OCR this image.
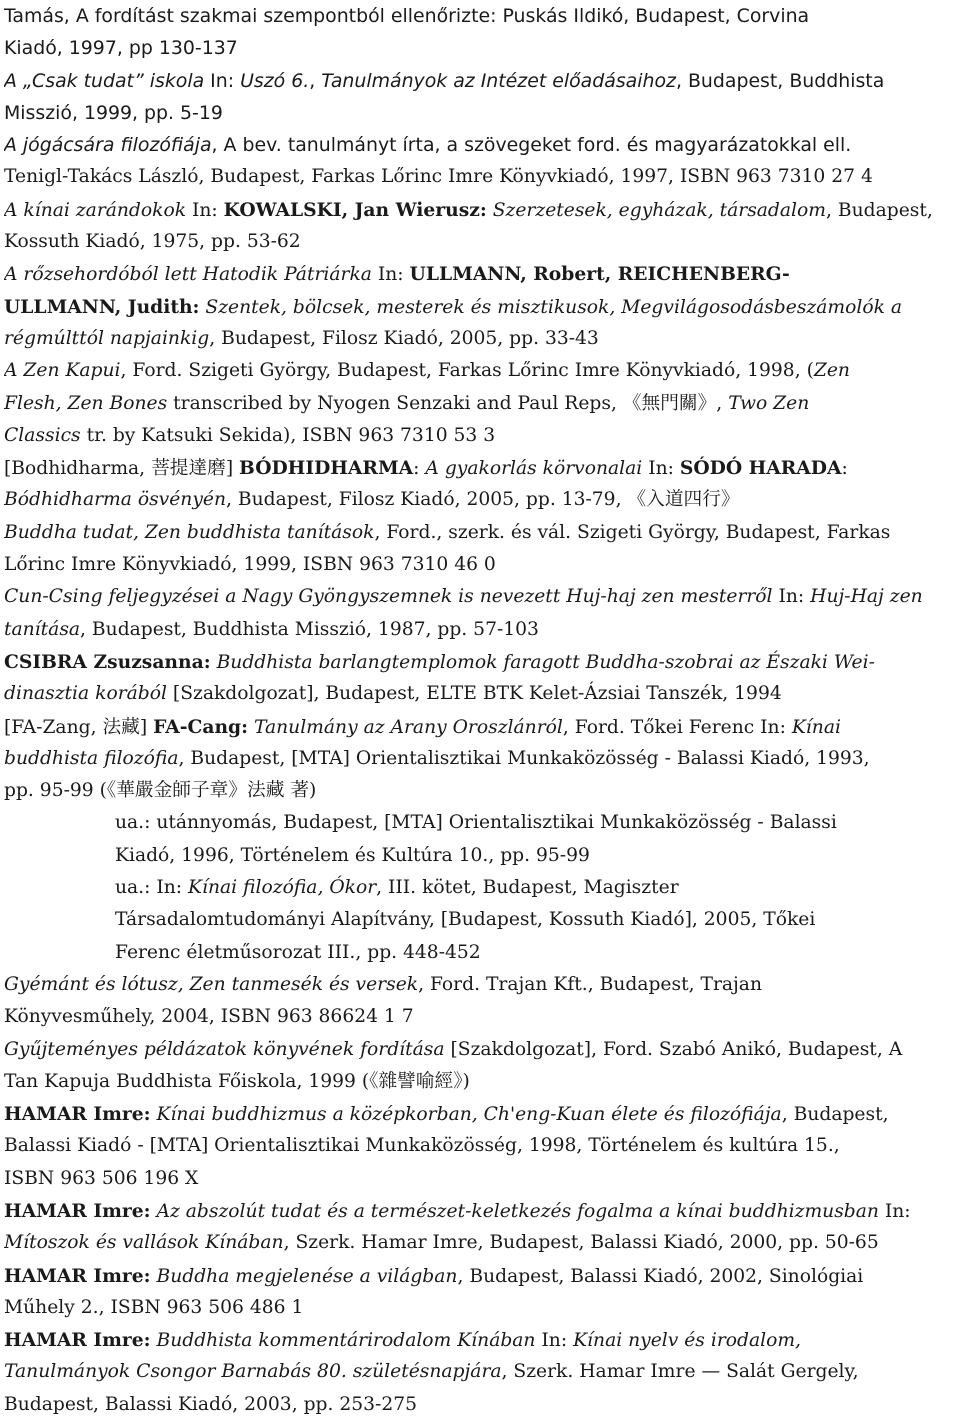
Tamás, A fordítást szakmai szempontból ellenőrizte: Puskás Ildikó, Budapest, Corvina
Kiadó, 1997, pp 130-137
A „Csak tudat” iskola In: Uszó 6., Tanulmányok az Intézet előadásaihoz, Budapest, Buddhista
Misszió, 1999, pp. 5-19
A jógácsára filozófiája, A bev. tanulmányt írta, a szövegeket ford. és magyarázatokkal ell.
Tenigl-Takács László, Budapest, Farkas Lőrinc Imre Könyvkiadó, 1997, ISBN 963 7310 27 4
A kínai zarándokok In: KOWALSKI, Jan Wierusz: Szerzetesek, egyházak, társadalom, Budapest,
Kossuth Kiadó, 1975, pp. 53-62
A rőzsehordóból lett Hatodik Pátriárka In: ULLMANN, Robert, REICHENBERG-
ULLMANN, Judith: Szentek, bölcsek, mesterek és misztikusok, Megvilágosodásbeszámolók a
régmúlttól napjainkig, Budapest, Filosz Kiadó, 2005, pp. 33-43
A Zen Kapui, Ford. Szigeti György, Budapest, Farkas Lőrinc Imre Könyvkiadó, 1998, (Zen
Flesh, Zen Bones transcribed by Nyogen Senzaki and Paul Reps, 《無門關》, Two Zen
Classics tr. by Katsuki Sekida), ISBN 963 7310 53 3
[Bodhidharma, 菩提達磨] BÓDHIDHARMA: A gyakorlás körvonalai In: SÓDÓ HARADA:
Bódhidharma ösvényén, Budapest, Filosz Kiadó, 2005, pp. 13-79, 《入道四行》
Buddha tudat, Zen buddhista tanítások, Ford., szerk. és vál. Szigeti György, Budapest, Farkas
Lőrinc Imre Könyvkiadó, 1999, ISBN 963 7310 46 0
Cun-Csing feljegyzései a Nagy Gyöngyszemnek is nevezett Huj-haj zen mesterről In: Huj-Haj zen
tanítása, Budapest, Buddhista Misszió, 1987, pp. 57-103
CSIBRA Zsuzsanna: Buddhista barlangtemplomok faragott Buddha-szobrai az Északi Wei-
dinasztia korából [Szakdolgozat], Budapest, ELTE BTK Kelet-Ázsiai Tanszék, 1994
[FA-Zang, 法藏] FA-Cang: Tanulmány az Arany Oroszlánról, Ford. Tőkei Ferenc In: Kínai
buddhista filozófia, Budapest, [MTA] Orientalisztikai Munkaközösség - Balassi Kiadó, 1993,
pp. 95-99 (《華嚴金師子章》法藏 著)
ua.: utánnyomás, Budapest, [MTA] Orientalisztikai Munkaközösség - Balassi
Kiadó, 1996, Történelem és Kultúra 10., pp. 95-99
ua.: In: Kínai filozófia, Ókor, III. kötet, Budapest, Magiszter
Társadalomtudományi Alapítvány, [Budapest, Kossuth Kiadó], 2005, Tőkei
Ferenc életműsorozat III., pp. 448-452
Gyémánt és lótusz, Zen tanmesék és versek, Ford. Trajan Kft., Budapest, Trajan
Könyvesműhely, 2004, ISBN 963 86624 1 7
Gyűjteményes példázatok könyvének fordítása [Szakdolgozat], Ford. Szabó Anikó, Budapest, A
Tan Kapuja Buddhista Főiskola, 1999 (《雜譬喻經》)
HAMAR Imre: Kínai buddhizmus a középkorban, Ch'eng-Kuan élete és filozófiája, Budapest,
Balassi Kiadó - [MTA] Orientalisztikai Munkaközösség, 1998, Történelem és kultúra 15.,
ISBN 963 506 196 X
HAMAR Imre: Az abszolút tudat és a természet-keletkezés fogalma a kínai buddhizmusban In:
Mítoszok és vallások Kínában, Szerk. Hamar Imre, Budapest, Balassi Kiadó, 2000, pp. 50-65
HAMAR Imre: Buddha megjelenése a világban, Budapest, Balassi Kiadó, 2002, Sinológiai
Műhely 2., ISBN 963 506 486 1
HAMAR Imre: Buddhista kommentárirodalom Kínában In: Kínai nyelv és irodalom,
Tanulmányok Csongor Barnabás 80. születésnapjára, Szerk. Hamar Imre — Salát Gergely,
Budapest, Balassi Kiadó, 2003, pp. 253-275
